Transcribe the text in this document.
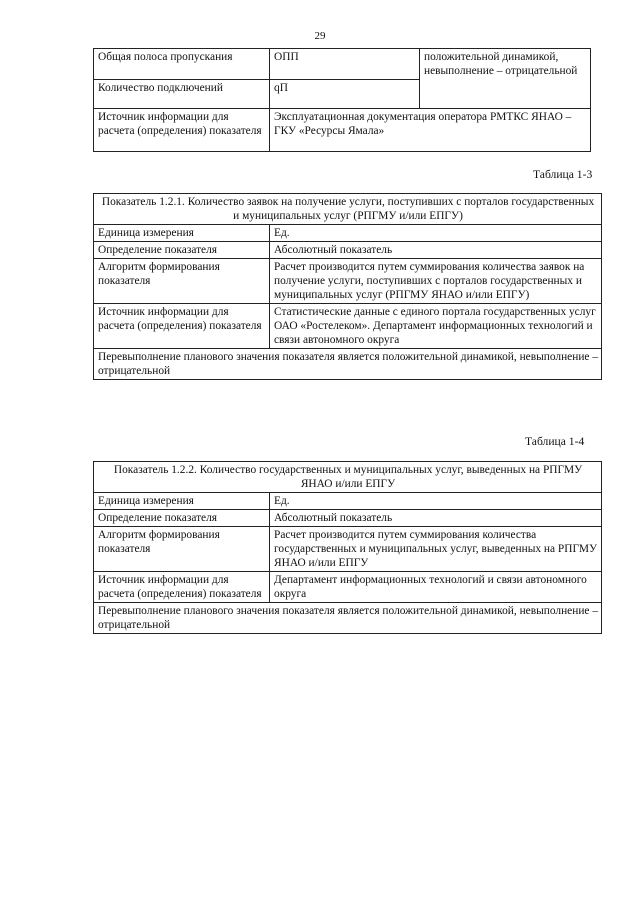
29
Общая полоса пропускания	ОПП	положительной динамикой, невыполнение – отрицательной
Количество подключений	qП	
Источник информации для расчета (определения) показателя	Эксплуатационная документация оператора РМТКС ЯНАО – ГКУ «Ресурсы Ямала»	
Таблица 1-3
Показатель 1.2.1. Количество заявок на получение услуги, поступивших с порталов государственных и муниципальных услуг (РПГМУ и/или ЕПГУ)	
Единица измерения	Ед.
Определение показателя	Абсолютный показатель
Алгоритм формирования показателя	Расчет производится путем суммирования количества заявок на получение услуги, поступивших с порталов государственных и муниципальных услуг (РПГМУ ЯНАО и/или ЕПГУ)
Источник информации для расчета (определения) показателя	Статистические данные с единого портала государственных услуг ОАО «Ростелеком». Департамент информационных технологий и связи автономного округа
Перевыполнение планового значения показателя является положительной динамикой, невыполнение – отрицательной	
Таблица 1-4
Показатель 1.2.2. Количество государственных и муниципальных услуг, выведенных на РПГМУ ЯНАО и/или ЕПГУ	
Единица измерения	Ед.
Определение показателя	Абсолютный показатель
Алгоритм формирования показателя	Расчет производится путем суммирования количества государственных и муниципальных услуг, выведенных на РПГМУ ЯНАО и/или ЕПГУ
Источник информации для расчета (определения) показателя	Департамент информационных технологий и связи автономного округа
Перевыполнение планового значения показателя является положительной динамикой, невыполнение – отрицательной	
